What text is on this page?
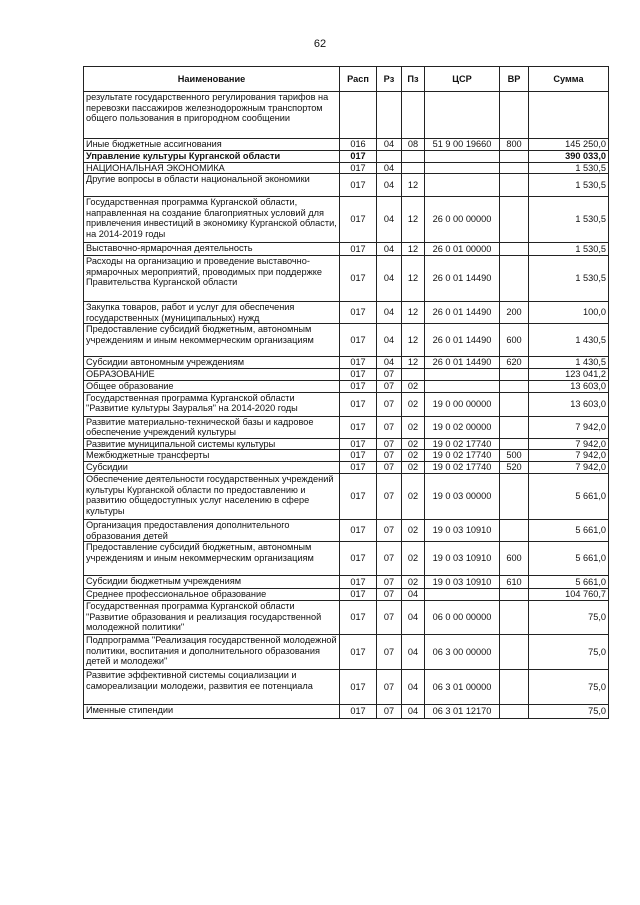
62
Наименование	Расп	Рз	Пз	ЦСР	ВР	Сумма
результате государственного регулирования тарифов на перевозки пассажиров железнодорожным транспортом общего пользования в пригородном сообщении						
Иные бюджетные ассигнования	016	04	08	51 9 00 19660	800	145 250,0
Управление культуры Курганской области	017					390 033,0
НАЦИОНАЛЬНАЯ ЭКОНОМИКА	017	04				1 530,5
Другие вопросы в области национальной экономики	017	04	12			1 530,5
Государственная программа Курганской области, направленная на создание благоприятных условий для привлечения инвестиций в экономику Курганской области, на 2014-2019 годы	017	04	12	26 0 00 00000		1 530,5
Выставочно-ярмарочная деятельность	017	04	12	26 0 01 00000		1 530,5
Расходы на организацию и проведение выставочно-ярмарочных мероприятий, проводимых при поддержке Правительства Курганской области	017	04	12	26 0 01 14490		1 530,5
Закупка товаров, работ и услуг для обеспечения государственных (муниципальных) нужд	017	04	12	26 0 01 14490	200	100,0
Предоставление субсидий бюджетным, автономным учреждениям и иным некоммерческим организациям	017	04	12	26 0 01 14490	600	1 430,5
Субсидии автономным учреждениям	017	04	12	26 0 01 14490	620	1 430,5
ОБРАЗОВАНИЕ	017	07				123 041,2
Общее образование	017	07	02			13 603,0
Государственная программа Курганской области "Развитие культуры Зауралья" на 2014-2020 годы	017	07	02	19 0 00 00000		13 603,0
Развитие материально-технической базы и кадровое обеспечение учреждений культуры	017	07	02	19 0 02 00000		7 942,0
Развитие муниципальной системы культуры	017	07	02	19 0 02 17740		7 942,0
Межбюджетные трансферты	017	07	02	19 0 02 17740	500	7 942,0
Субсидии	017	07	02	19 0 02 17740	520	7 942,0
Обеспечение деятельности государственных учреждений культуры Курганской области по предоставлению и развитию общедоступных услуг населению в сфере культуры	017	07	02	19 0 03 00000		5 661,0
Организация предоставления дополнительного образования детей	017	07	02	19 0 03 10910		5 661,0
Предоставление субсидий бюджетным, автономным учреждениям и иным некоммерческим организациям	017	07	02	19 0 03 10910	600	5 661,0
Субсидии бюджетным учреждениям	017	07	02	19 0 03 10910	610	5 661,0
Среднее профессиональное образование	017	07	04			104 760,7
Государственная программа Курганской области "Развитие образования и реализация государственной молодежной политики"	017	07	04	06 0 00 00000		75,0
Подпрограмма "Реализация государственной молодежной политики, воспитания и дополнительного образования детей и молодежи"	017	07	04	06 3 00 00000		75,0
Развитие эффективной системы социализации и самореализации молодежи, развития ее потенциала	017	07	04	06 3 01 00000		75,0
Именные стипендии	017	07	04	06 3 01 12170		75,0
